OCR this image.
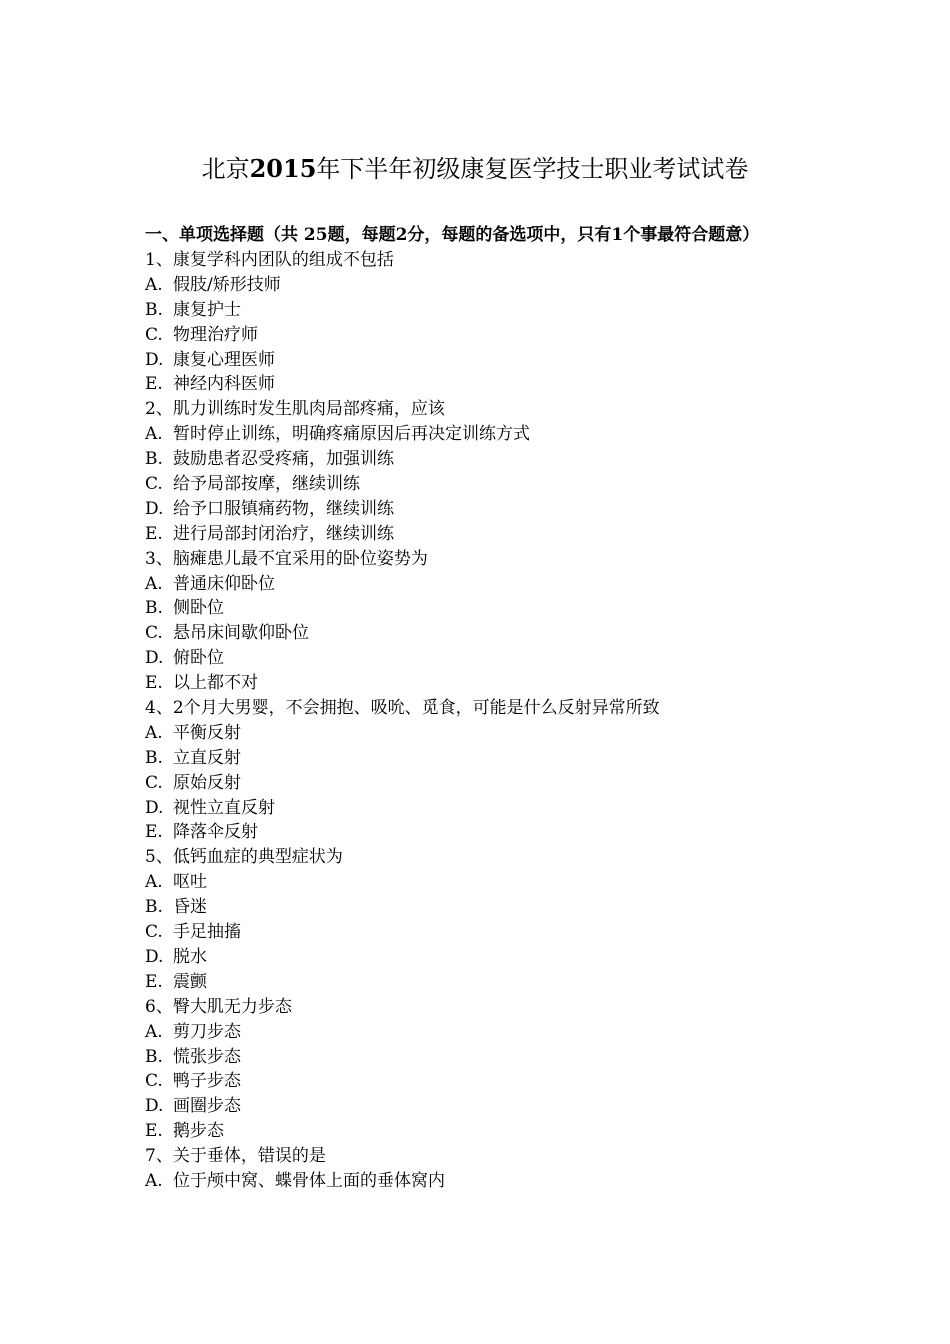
北京2015年下半年初级康复医学技士职业考试试卷

一、单项选择题（共 25题，每题2分，每题的备选项中，只有1个事最符合题意）

1、康复学科内团队的组成不包括

A. 假肢/矫形技师

B. 康复护士

C. 物理治疗师

D. 康复心理医师

E. 神经内科医师

2、肌力训练时发生肌肉局部疼痛，应该

A. 暂时停止训练，明确疼痛原因后再决定训练方式

B. 鼓励患者忍受疼痛，加强训练

C. 给予局部按摩，继续训练

D. 给予口服镇痛药物，继续训练

E. 进行局部封闭治疗，继续训练

3、脑瘫患儿最不宜采用的卧位姿势为

A. 普通床仰卧位

B. 侧卧位

C. 悬吊床间歇仰卧位

D. 俯卧位

E. 以上都不对

4、2个月大男婴，不会拥抱、吸吮、觅食，可能是什么反射异常所致

A. 平衡反射

B. 立直反射

C. 原始反射

D. 视性立直反射

E. 降落伞反射

5、低钙血症的典型症状为

A. 呕吐

B. 昏迷

C. 手足抽搐

D. 脱水

E. 震颤

6、臀大肌无力步态

A. 剪刀步态

B. 慌张步态

C. 鸭子步态

D. 画圈步态

E. 鹅步态

7、关于垂体，错误的是

A. 位于颅中窝、蝶骨体上面的垂体窝内
